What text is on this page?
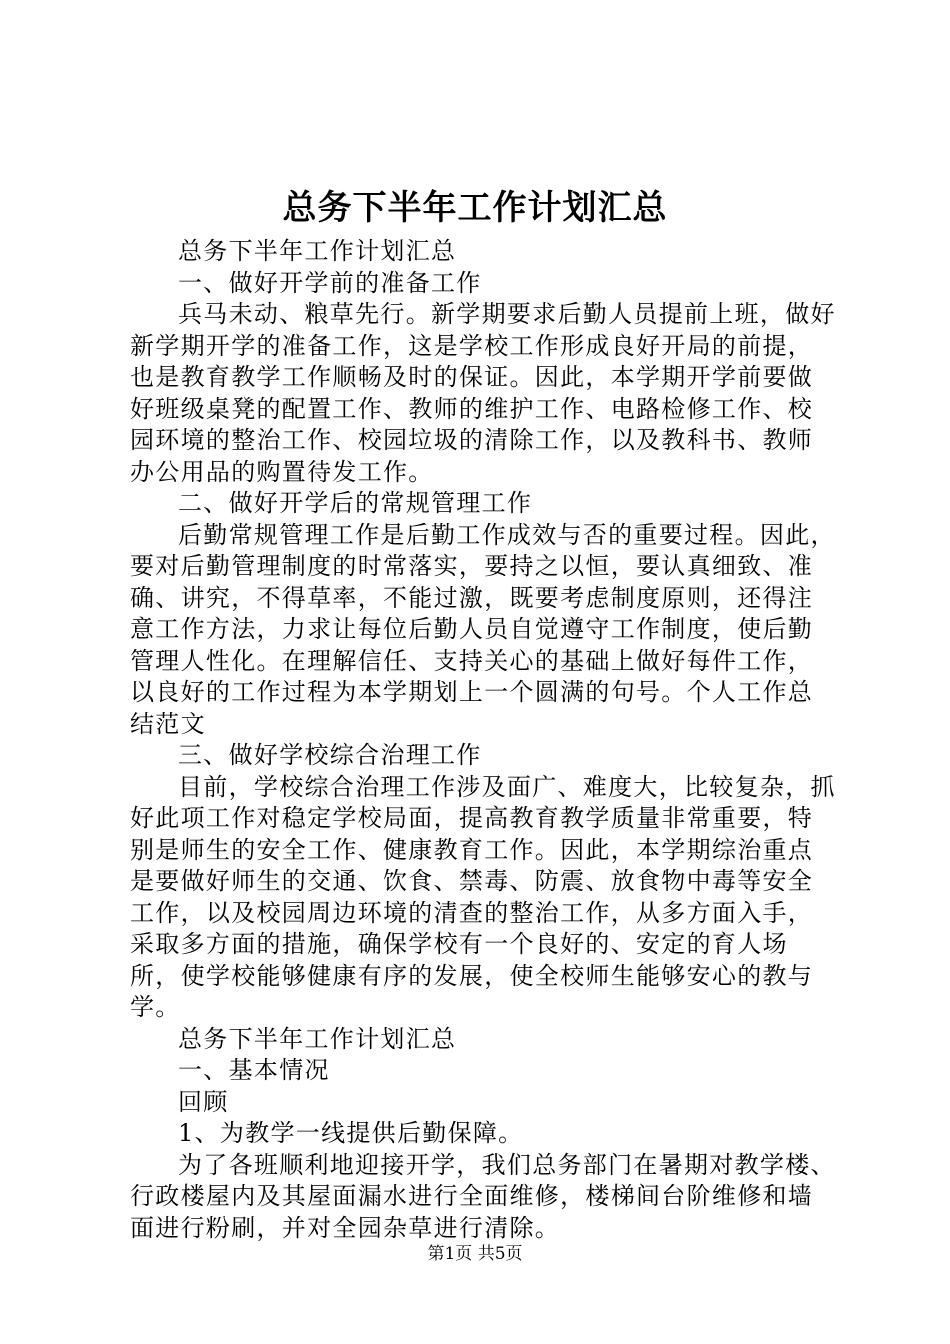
总务下半年工作计划汇总

总务下半年工作计划汇总

一、做好开学前的准备工作

兵马未动、粮草先行。新学期要求后勤人员提前上班，做好新学期开学的准备工作，这是学校工作形成良好开局的前提，也是教育教学工作顺畅及时的保证。因此，本学期开学前要做好班级桌凳的配置工作、教师的维护工作、电路检修工作、校园环境的整治工作、校园垃圾的清除工作，以及教科书、教师办公用品的购置待发工作。

二、做好开学后的常规管理工作

后勤常规管理工作是后勤工作成效与否的重要过程。因此，要对后勤管理制度的时常落实，要持之以恒，要认真细致、准确、讲究，不得草率，不能过激，既要考虑制度原则，还得注意工作方法，力求让每位后勤人员自觉遵守工作制度，使后勤管理人性化。在理解信任、支持关心的基础上做好每件工作，以良好的工作过程为本学期划上一个圆满的句号。个人工作总结范文

三、做好学校综合治理工作

目前，学校综合治理工作涉及面广、难度大，比较复杂，抓好此项工作对稳定学校局面，提高教育教学质量非常重要，特别是师生的安全工作、健康教育工作。因此，本学期综治重点是要做好师生的交通、饮食、禁毒、防震、放食物中毒等安全工作，以及校园周边环境的清查的整治工作，从多方面入手，采取多方面的措施，确保学校有一个良好的、安定的育人场所，使学校能够健康有序的发展，使全校师生能够安心的教与学。

总务下半年工作计划汇总

一、基本情况

回顾

1、为教学一线提供后勤保障。

为了各班顺利地迎接开学，我们总务部门在暑期对教学楼、行政楼屋内及其屋面漏水进行全面维修，楼梯间台阶维修和墙面进行粉刷，并对全园杂草进行清除。

第1页 共5页
